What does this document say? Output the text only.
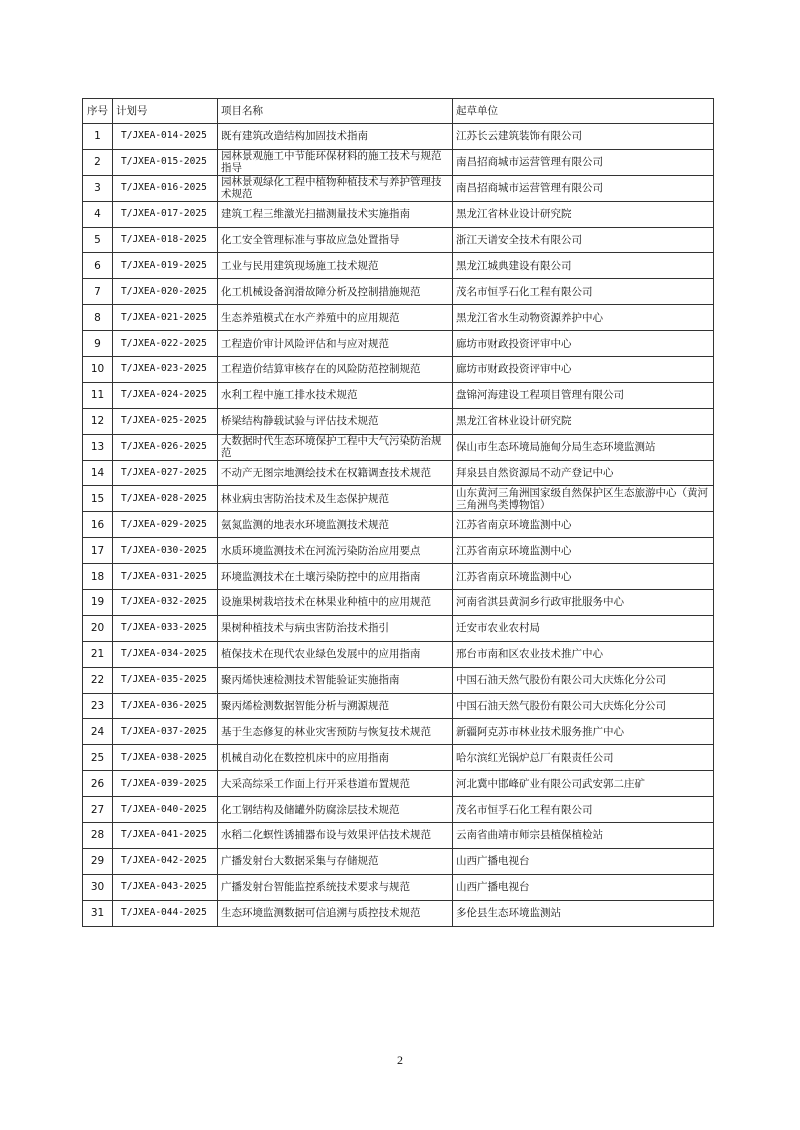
序号	计划号	项目名称	起草单位
1	T/JXEA-014-2025	既有建筑改造结构加固技术指南	江苏长云建筑装饰有限公司
2	T/JXEA-015-2025	园林景观施工中节能环保材料的施工技术与规范指导	南昌招商城市运营管理有限公司
3	T/JXEA-016-2025	园林景观绿化工程中植物种植技术与养护管理技术规范	南昌招商城市运营管理有限公司
4	T/JXEA-017-2025	建筑工程三维激光扫描测量技术实施指南	黑龙江省林业设计研究院
5	T/JXEA-018-2025	化工安全管理标准与事故应急处置指导	浙江天谱安全技术有限公司
6	T/JXEA-019-2025	工业与民用建筑现场施工技术规范	黑龙江城典建设有限公司
7	T/JXEA-020-2025	化工机械设备润滑故障分析及控制措施规范	茂名市恒孚石化工程有限公司
8	T/JXEA-021-2025	生态养殖模式在水产养殖中的应用规范	黑龙江省水生动物资源养护中心
9	T/JXEA-022-2025	工程造价审计风险评估和与应对规范	廊坊市财政投资评审中心
10	T/JXEA-023-2025	工程造价结算审核存在的风险防范控制规范	廊坊市财政投资评审中心
11	T/JXEA-024-2025	水利工程中施工排水技术规范	盘锦河海建设工程项目管理有限公司
12	T/JXEA-025-2025	桥梁结构静载试验与评估技术规范	黑龙江省林业设计研究院
13	T/JXEA-026-2025	大数据时代生态环境保护工程中大气污染防治规范	保山市生态环境局施甸分局生态环境监测站
14	T/JXEA-027-2025	不动产无图宗地测绘技术在权籍调查技术规范	拜泉县自然资源局不动产登记中心
15	T/JXEA-028-2025	林业病虫害防治技术及生态保护规范	山东黄河三角洲国家级自然保护区生态旅游中心（黄河三角洲鸟类博物馆）
16	T/JXEA-029-2025	氨氮监测的地表水环境监测技术规范	江苏省南京环境监测中心
17	T/JXEA-030-2025	水质环境监测技术在河流污染防治应用要点	江苏省南京环境监测中心
18	T/JXEA-031-2025	环境监测技术在土壤污染防控中的应用指南	江苏省南京环境监测中心
19	T/JXEA-032-2025	设施果树栽培技术在林果业种植中的应用规范	河南省淇县黄洞乡行政审批服务中心
20	T/JXEA-033-2025	果树种植技术与病虫害防治技术指引	迁安市农业农村局
21	T/JXEA-034-2025	植保技术在现代农业绿色发展中的应用指南	邢台市南和区农业技术推广中心
22	T/JXEA-035-2025	聚丙烯快速检测技术智能验证实施指南	中国石油天然气股份有限公司大庆炼化分公司
23	T/JXEA-036-2025	聚丙烯检测数据智能分析与溯源规范	中国石油天然气股份有限公司大庆炼化分公司
24	T/JXEA-037-2025	基于生态修复的林业灾害预防与恢复技术规范	新疆阿克苏市林业技术服务推广中心
25	T/JXEA-038-2025	机械自动化在数控机床中的应用指南	哈尔滨红光锅炉总厂有限责任公司
26	T/JXEA-039-2025	大采高综采工作面上行开采巷道布置规范	河北冀中邯峰矿业有限公司武安郭二庄矿
27	T/JXEA-040-2025	化工钢结构及储罐外防腐涂层技术规范	茂名市恒孚石化工程有限公司
28	T/JXEA-041-2025	水稻二化螟性诱捕器布设与效果评估技术规范	云南省曲靖市师宗县植保植检站
29	T/JXEA-042-2025	广播发射台大数据采集与存储规范	山西广播电视台
30	T/JXEA-043-2025	广播发射台智能监控系统技术要求与规范	山西广播电视台
31	T/JXEA-044-2025	生态环境监测数据可信追溯与质控技术规范	多伦县生态环境监测站
2
